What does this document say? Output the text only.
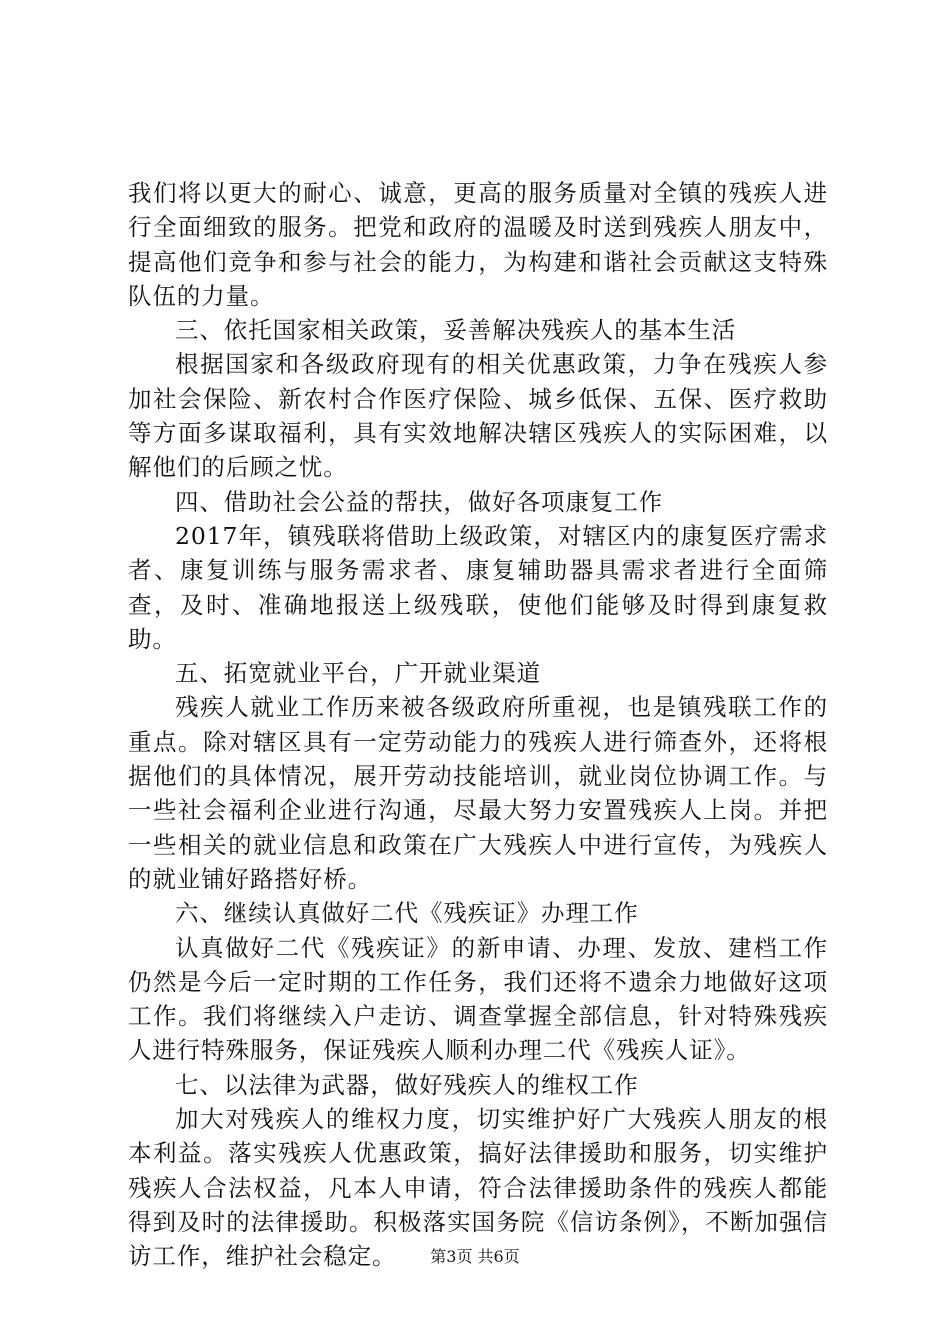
我们将以更大的耐心、诚意，更高的服务质量对全镇的残疾人进行全面细致的服务。把党和政府的温暖及时送到残疾人朋友中，提高他们竞争和参与社会的能力，为构建和谐社会贡献这支特殊队伍的力量。

三、依托国家相关政策，妥善解决残疾人的基本生活

根据国家和各级政府现有的相关优惠政策，力争在残疾人参加社会保险、新农村合作医疗保险、城乡低保、五保、医疗救助等方面多谋取福利，具有实效地解决辖区残疾人的实际困难，以解他们的后顾之忧。

四、借助社会公益的帮扶，做好各项康复工作

2017年，镇残联将借助上级政策，对辖区内的康复医疗需求者、康复训练与服务需求者、康复辅助器具需求者进行全面筛查，及时、准确地报送上级残联，使他们能够及时得到康复救助。

五、拓宽就业平台，广开就业渠道

残疾人就业工作历来被各级政府所重视，也是镇残联工作的重点。除对辖区具有一定劳动能力的残疾人进行筛查外，还将根据他们的具体情况，展开劳动技能培训，就业岗位协调工作。与一些社会福利企业进行沟通，尽最大努力安置残疾人上岗。并把一些相关的就业信息和政策在广大残疾人中进行宣传，为残疾人的就业铺好路搭好桥。

六、继续认真做好二代《残疾证》办理工作

认真做好二代《残疾证》的新申请、办理、发放、建档工作仍然是今后一定时期的工作任务，我们还将不遗余力地做好这项工作。我们将继续入户走访、调查掌握全部信息，针对特殊残疾人进行特殊服务，保证残疾人顺利办理二代《残疾人证》。

七、以法律为武器，做好残疾人的维权工作

加大对残疾人的维权力度，切实维护好广大残疾人朋友的根本利益。落实残疾人优惠政策，搞好法律援助和服务，切实维护残疾人合法权益，凡本人申请，符合法律援助条件的残疾人都能得到及时的法律援助。积极落实国务院《信访条例》，不断加强信访工作，维护社会稳定。	第3页 共6页
